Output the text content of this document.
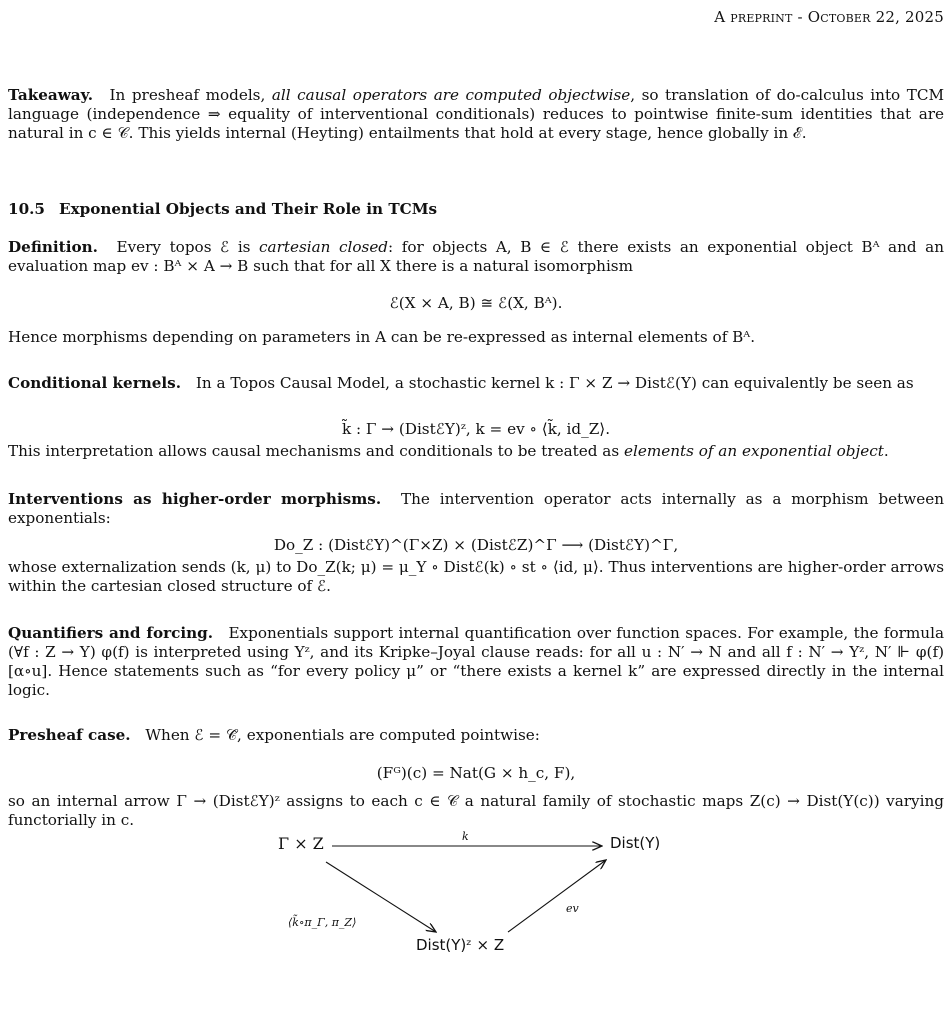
A preprint - October 22, 2025

Takeaway. In presheaf models, all causal operators are computed objectwise, so translation of do-calculus into TCM language (independence ⇒ equality of interventional conditionals) reduces to pointwise finite-sum identities that are natural in c ∈ 𝒞. This yields internal (Heyting) entailments that hold at every stage, hence globally in ℰ.

10.5 Exponential Objects and Their Role in TCMs

Definition. Every topos ℰ is cartesian closed: for objects A, B ∈ ℰ there exists an exponential object Bᴬ and an evaluation map ev : Bᴬ × A → B such that for all X there is a natural isomorphism

ℰ(X × A, B) ≅ ℰ(X, Bᴬ).

Hence morphisms depending on parameters in A can be re-expressed as internal elements of Bᴬ.

Conditional kernels. In a Topos Causal Model, a stochastic kernel k : Γ × Z → Distℰ(Y) can equivalently be seen as

k̃ : Γ → (DistℰY)ᶻ, k = ev ∘ ⟨k̃, id_Z⟩.

This interpretation allows causal mechanisms and conditionals to be treated as elements of an exponential object.

Interventions as higher-order morphisms. The intervention operator acts internally as a morphism between exponentials:

Do_Z : (DistℰY)^(Γ×Z) × (DistℰZ)^Γ ⟶ (DistℰY)^Γ,

whose externalization sends (k, μ) to Do_Z(k; μ) = μ_Y ∘ Distℰ(k) ∘ st ∘ ⟨id, μ⟩. Thus interventions are higher-order arrows within the cartesian closed structure of ℰ.

Quantifiers and forcing. Exponentials support internal quantification over function spaces. For example, the formula (∀f : Z → Y) φ(f) is interpreted using Yᶻ, and its Kripke–Joyal clause reads: for all u : N′ → N and all f : N′ → Yᶻ, N′ ⊩ φ(f)[α∘u]. Hence statements such as “for every policy μ” or “there exists a kernel k” are expressed directly in the internal logic.

Presheaf case. When ℰ = 𝒞̂, exponentials are computed pointwise:

(Fᴳ)(c) = Nat(G × h_c, F),

so an internal arrow Γ → (DistℰY)ᶻ assigns to each c ∈ 𝒞 a natural family of stochastic maps Z(c) → Dist(Y(c)) varying functorially in c.

Γ × Z	Dist(Y)
Dist(Y)ᶻ × Z
k
⟨k̃∘π_Γ, π_Z⟩
ev
